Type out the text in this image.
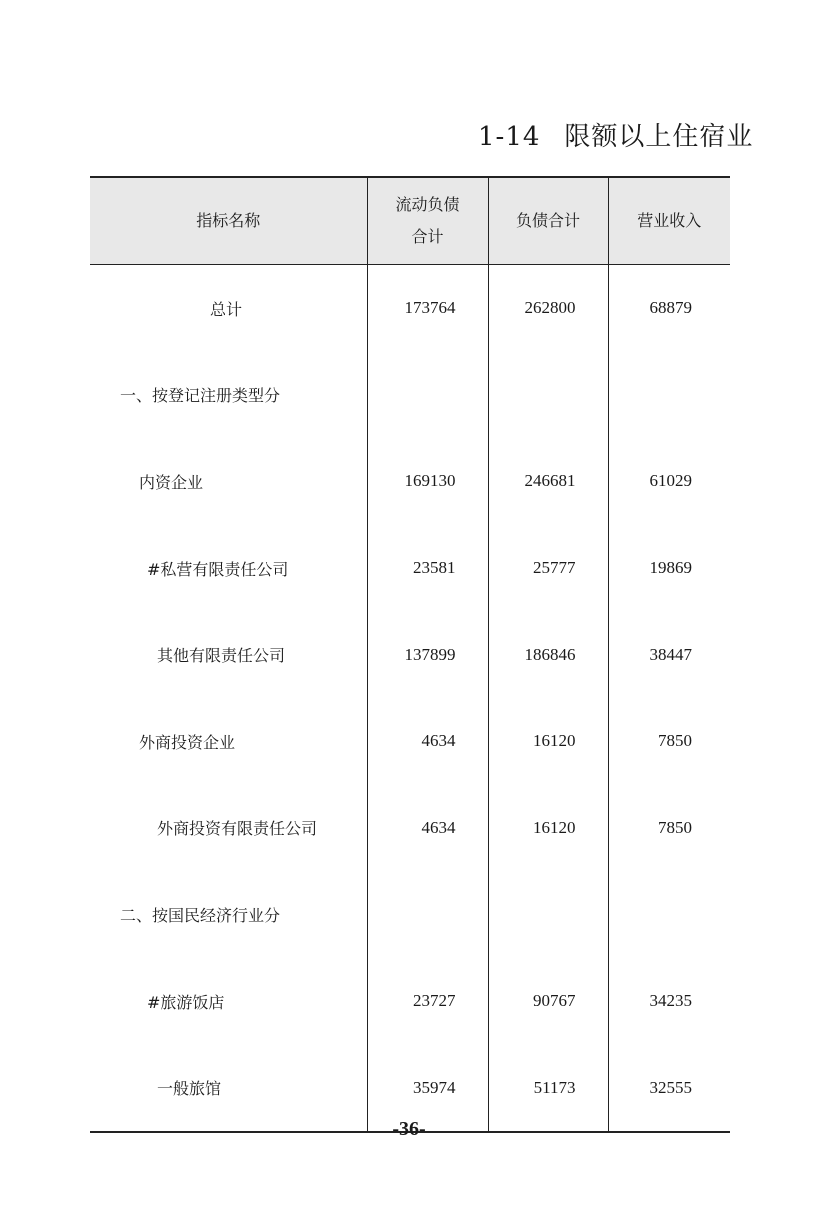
1-14 限额以上住宿业
指标名称	流动负债合计	负债合计	营业收入
总计	173764	262800	68879
一、按登记注册类型分			
内资企业	169130	246681	61029
#私营有限责任公司	23581	25777	19869
其他有限责任公司	137899	186846	38447
外商投资企业	4634	16120	7850
外商投资有限责任公司	4634	16120	7850
二、按国民经济行业分			
#旅游饭店	23727	90767	34235
一般旅馆	35974	51173	32555
-36-
